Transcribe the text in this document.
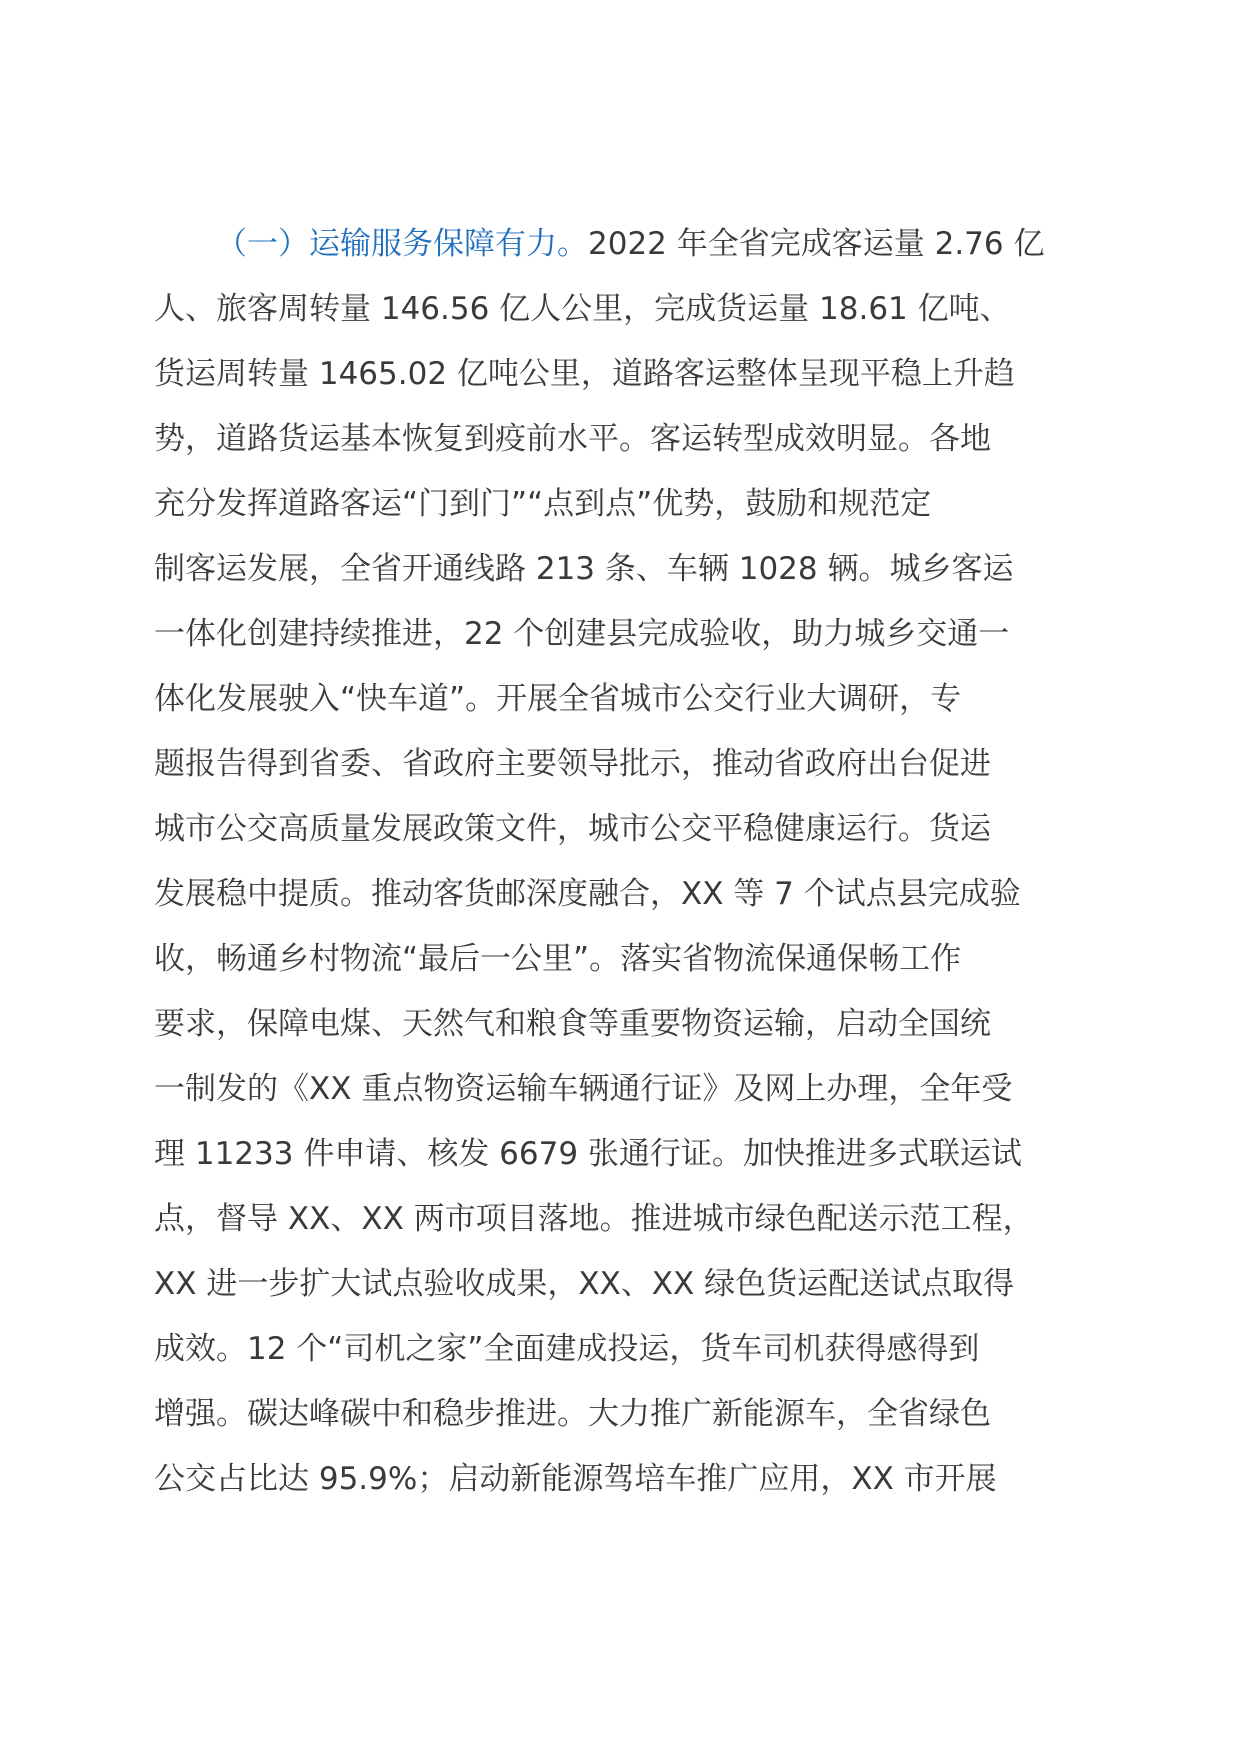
（一）运输服务保障有力。2022 年全省完成客运量 2.76 亿
人、旅客周转量 146.56 亿人公里，完成货运量 18.61 亿吨、
货运周转量 1465.02 亿吨公里，道路客运整体呈现平稳上升趋
势，道路货运基本恢复到疫前水平。客运转型成效明显。各地
充分发挥道路客运“门到门”“点到点”优势，鼓励和规范定
制客运发展，全省开通线路 213 条、车辆 1028 辆。城乡客运
一体化创建持续推进，22 个创建县完成验收，助力城乡交通一
体化发展驶入“快车道”。开展全省城市公交行业大调研，专
题报告得到省委、省政府主要领导批示，推动省政府出台促进
城市公交高质量发展政策文件，城市公交平稳健康运行。货运
发展稳中提质。推动客货邮深度融合，XX 等 7 个试点县完成验
收，畅通乡村物流“最后一公里”。落实省物流保通保畅工作
要求，保障电煤、天然气和粮食等重要物资运输，启动全国统
一制发的《XX 重点物资运输车辆通行证》及网上办理，全年受
理 11233 件申请、核发 6679 张通行证。加快推进多式联运试
点，督导 XX、XX 两市项目落地。推进城市绿色配送示范工程，
XX 进一步扩大试点验收成果，XX、XX 绿色货运配送试点取得
成效。12 个“司机之家”全面建成投运，货车司机获得感得到
增强。碳达峰碳中和稳步推进。大力推广新能源车，全省绿色
公交占比达 95.9%；启动新能源驾培车推广应用，XX 市开展
